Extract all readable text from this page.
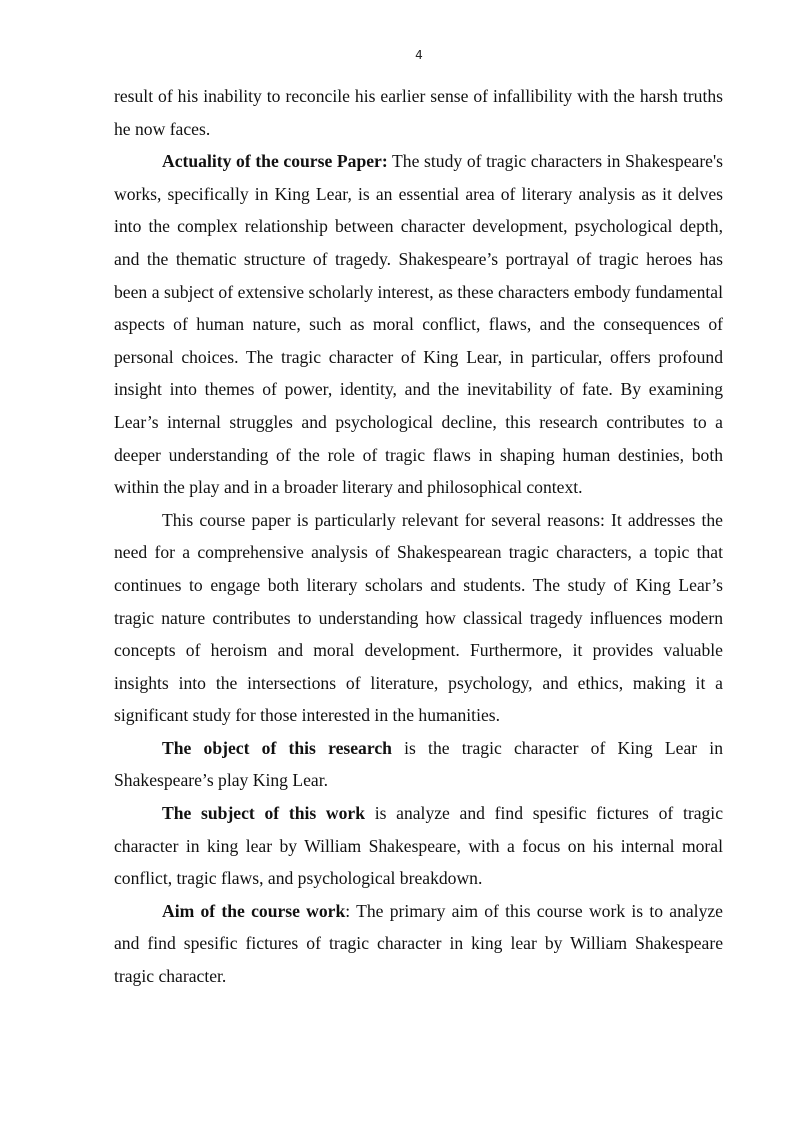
4

result of his inability to reconcile his earlier sense of infallibility with the harsh truths he now faces.

Actuality of the course Paper: The study of tragic characters in Shakespeare's works, specifically in King Lear, is an essential area of literary analysis as it delves into the complex relationship between character development, psychological depth, and the thematic structure of tragedy. Shakespeare’s portrayal of tragic heroes has been a subject of extensive scholarly interest, as these characters embody fundamental aspects of human nature, such as moral conflict, flaws, and the consequences of personal choices. The tragic character of King Lear, in particular, offers profound insight into themes of power, identity, and the inevitability of fate. By examining Lear’s internal struggles and psychological decline, this research contributes to a deeper understanding of the role of tragic flaws in shaping human destinies, both within the play and in a broader literary and philosophical context.

This course paper is particularly relevant for several reasons: It addresses the need for a comprehensive analysis of Shakespearean tragic characters, a topic that continues to engage both literary scholars and students. The study of King Lear’s tragic nature contributes to understanding how classical tragedy influences modern concepts of heroism and moral development. Furthermore, it provides valuable insights into the intersections of literature, psychology, and ethics, making it a significant study for those interested in the humanities.

The object of this research is the tragic character of King Lear in Shakespeare’s play King Lear.

The subject of this work is analyze and find spesific fictures of tragic character in king lear by William Shakespeare, with a focus on his internal moral conflict, tragic flaws, and psychological breakdown.

Aim of the course work: The primary aim of this course work is to analyze and find spesific fictures of tragic character in king lear by William Shakespeare tragic character.
